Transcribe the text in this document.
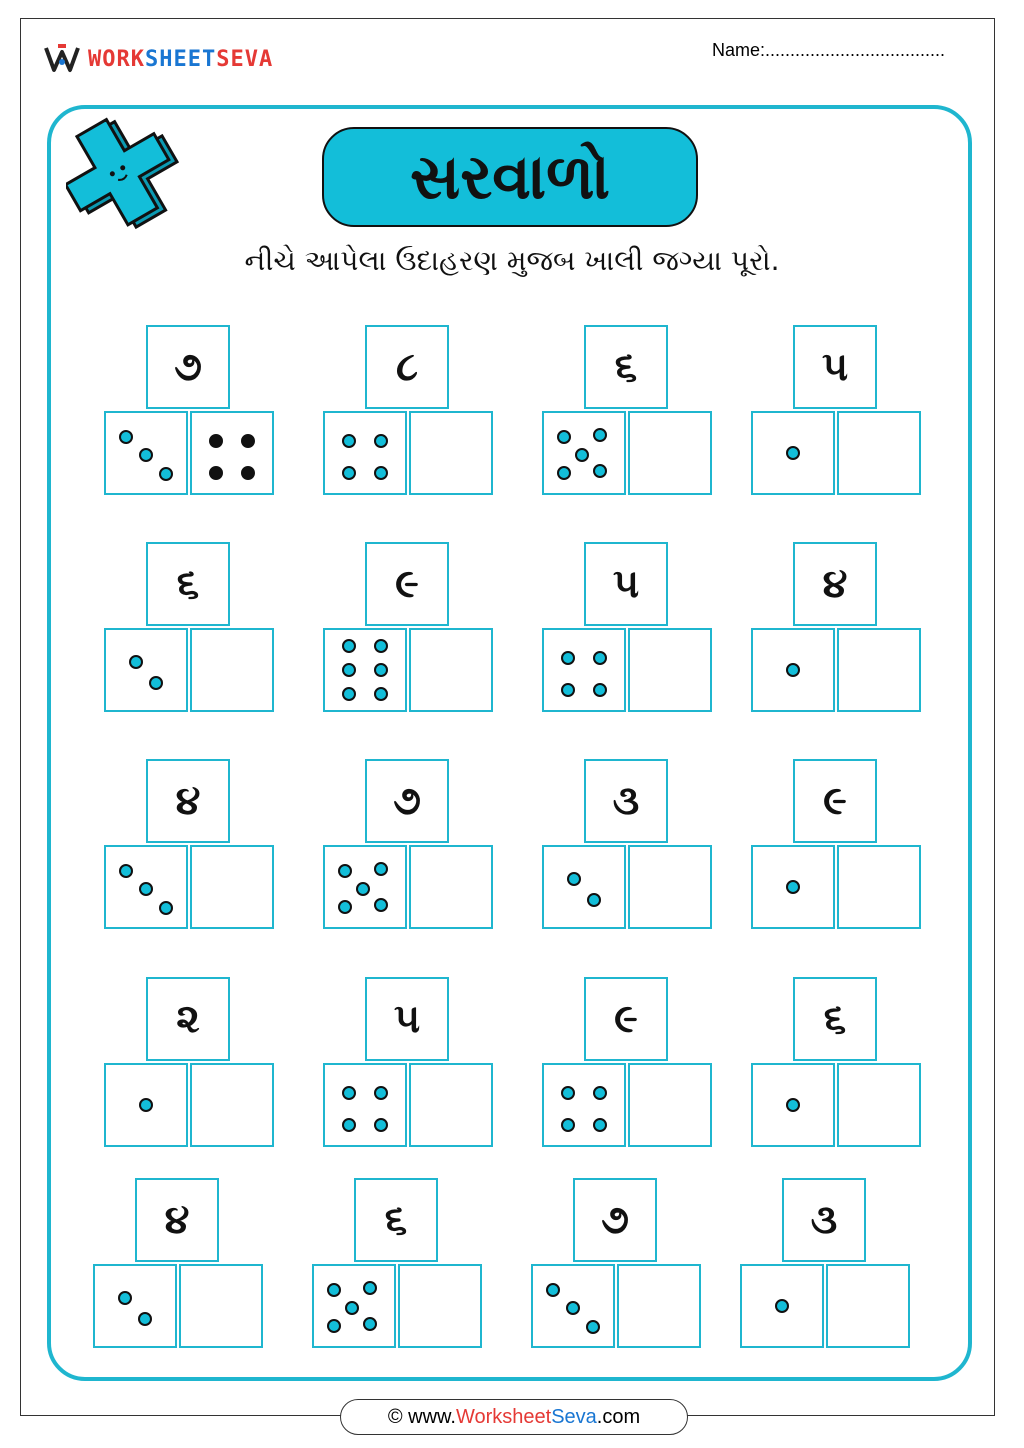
WORKSHEETSEVA	Name:....................................
સરવાળો
નીચે આપેલા ઉદાહરણ મુજબ ખાલી જગ્યા પૂરો.
૭	૮	૬	૫
૬	૯	૫	૪
૪	૭	૩	૯
૨	૫	૯	૬
૪	૬	૭	૩
© www. Worksheet Seva .com
